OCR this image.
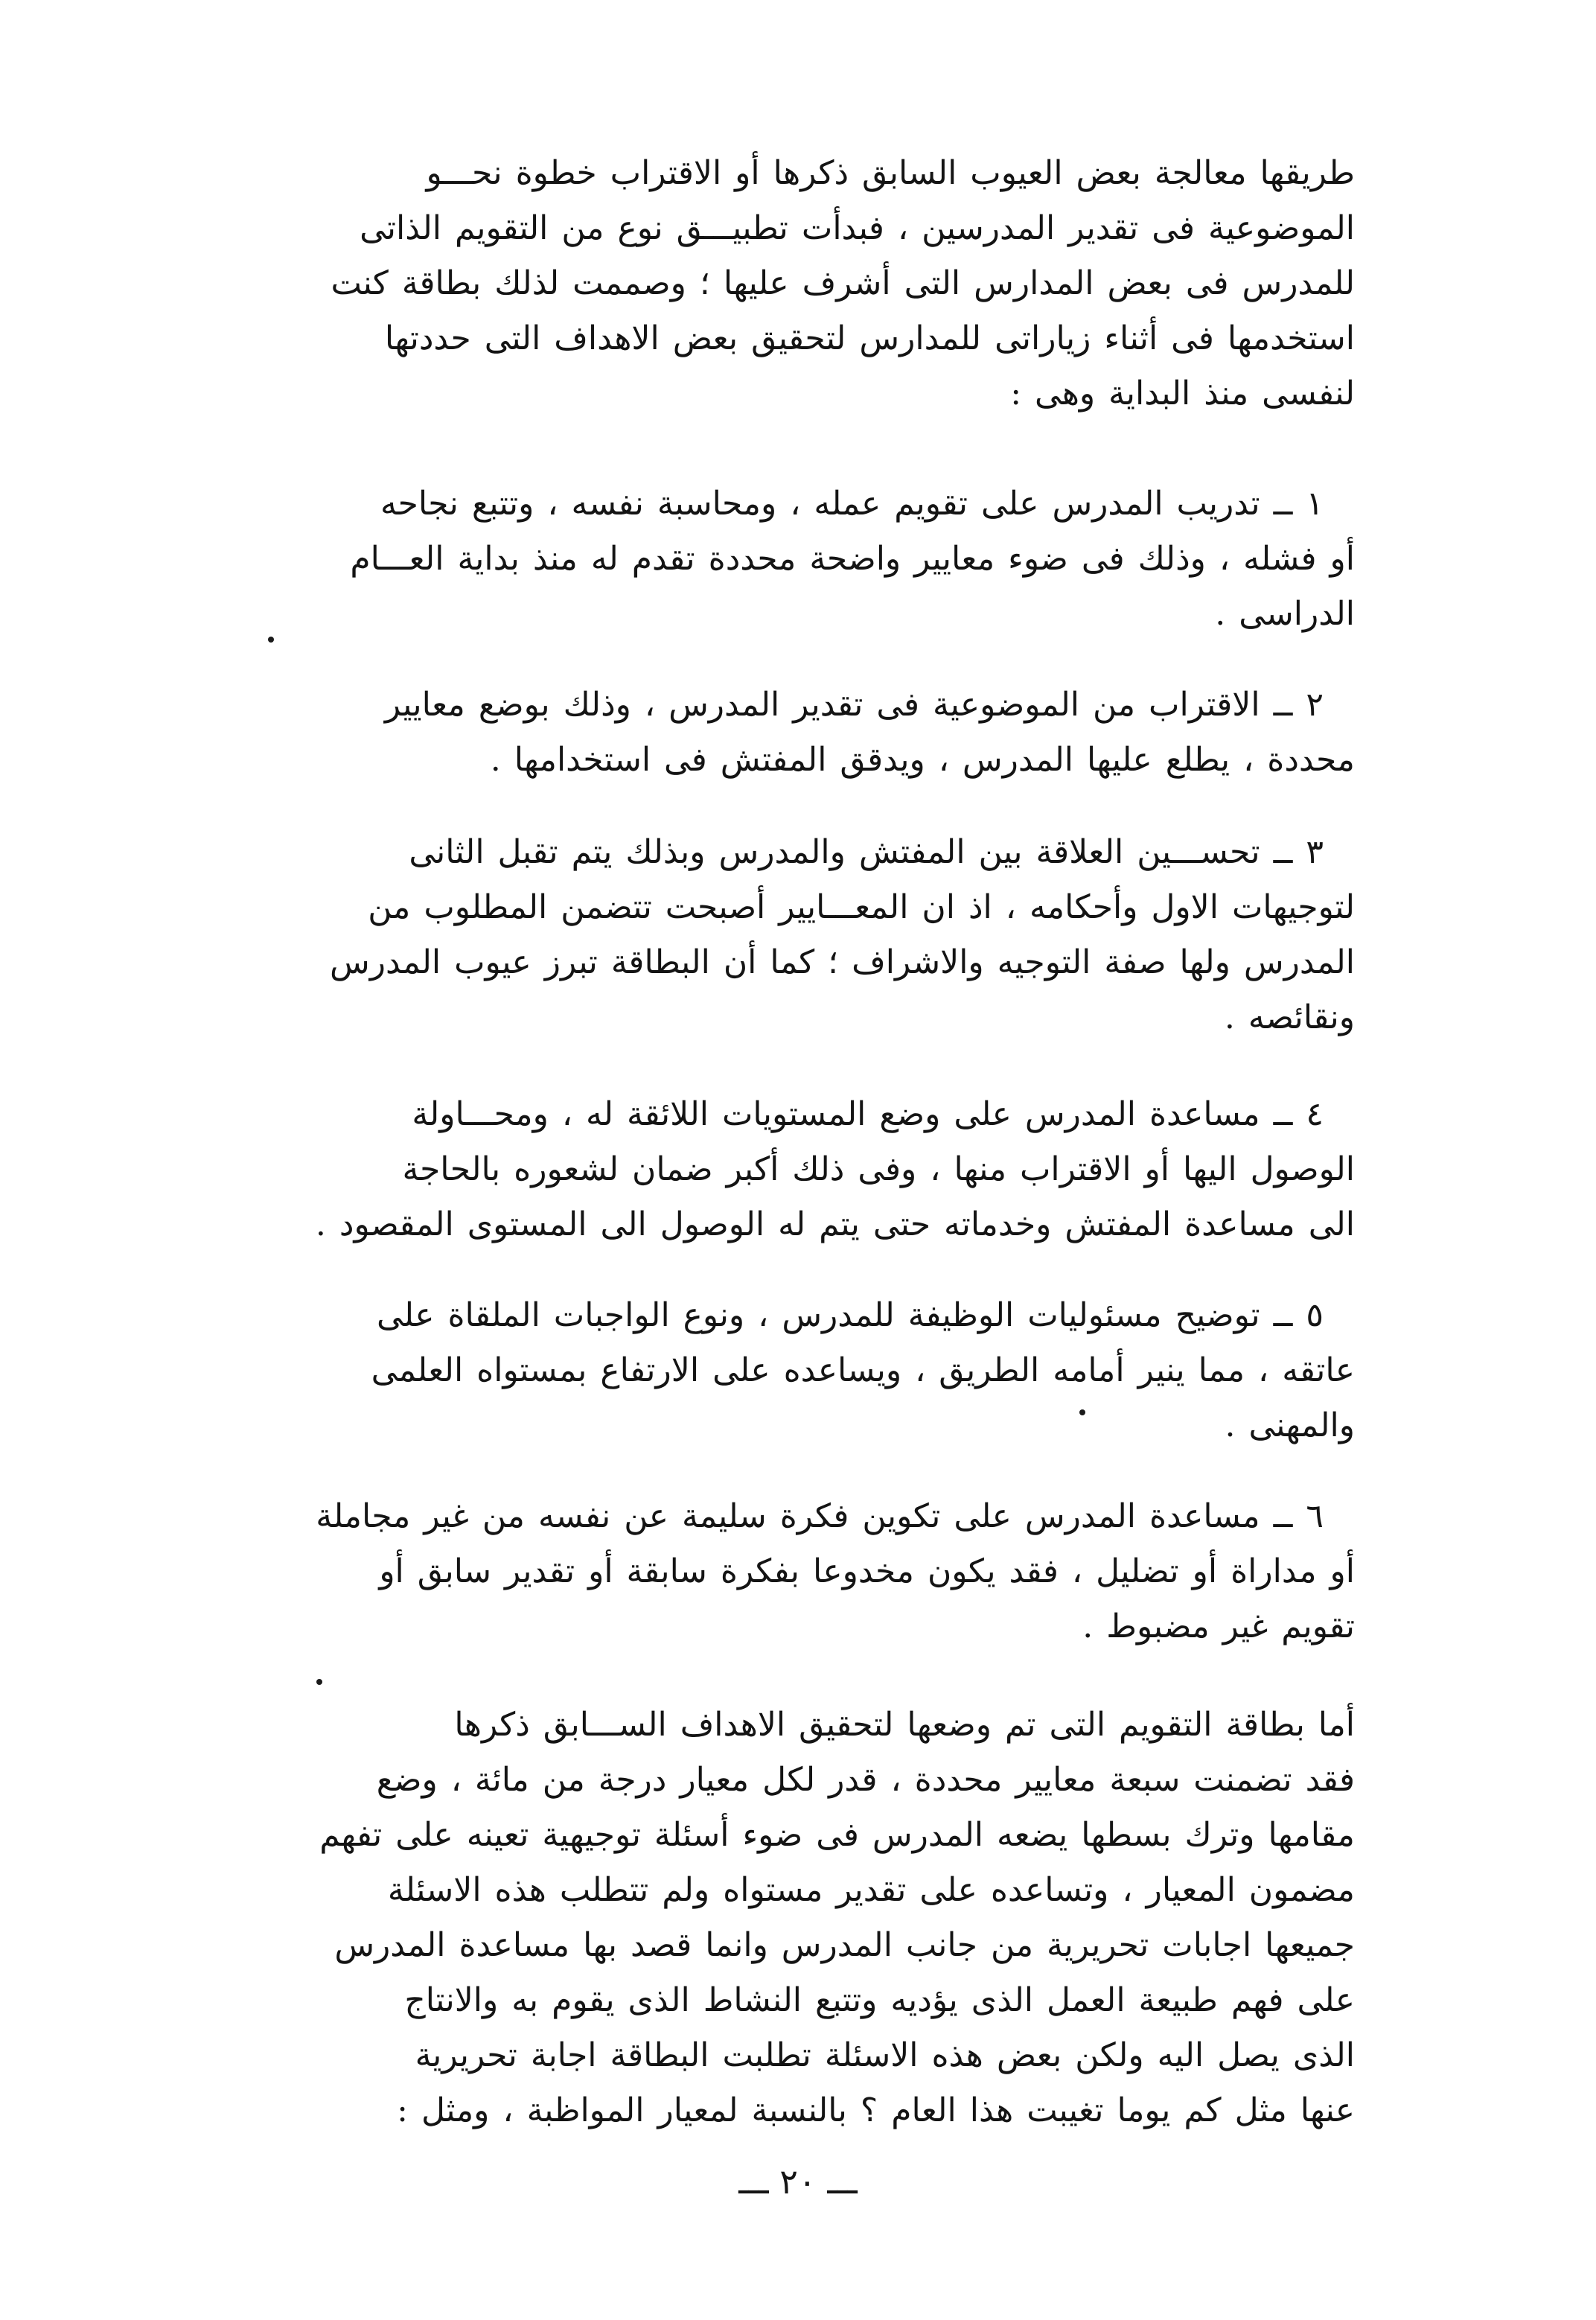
طريقها معالجة بعض العيوب السابق ذكرها أو الاقتراب خطوة نحـــو
الموضوعية فى تقدير المدرسين ، فبدأت تطبيـــق نوع من التقويم الذاتى
للمدرس فى بعض المدارس التى أشرف عليها ؛ وصممت لذلك بطاقة كنت
استخدمها فى أثناء زياراتى للمدارس لتحقيق بعض الاهداف التى حددتها
لنفسى منذ البداية وهى :
١ ــ تدريب المدرس على تقويم عمله ، ومحاسبة نفسه ، وتتبع نجاحه
أو فشله ، وذلك فى ضوء معايير واضحة محددة تقدم له منذ بداية العـــام
الدراسى .
٢ ــ الاقتراب من الموضوعية فى تقدير المدرس ، وذلك بوضع معايير
محددة ، يطلع عليها المدرس ، ويدقق المفتش فى استخدامها .
٣ ــ تحســـين العلاقة بين المفتش والمدرس وبذلك يتم تقبل الثانى
لتوجيهات الاول وأحكامه ، اذ ان المعـــايير أصبحت تتضمن المطلوب من
المدرس ولها صفة التوجيه والاشراف ؛ كما أن البطاقة تبرز عيوب المدرس
ونقائصه .
٤ ــ مساعدة المدرس على وضع المستويات اللائقة له ، ومحـــاولة
الوصول اليها أو الاقتراب منها ، وفى ذلك أكبر ضمان لشعوره بالحاجة
الى مساعدة المفتش وخدماته حتى يتم له الوصول الى المستوى المقصود .
٥ ــ توضيح مسئوليات الوظيفة للمدرس ، ونوع الواجبات الملقاة على
عاتقه ، مما ينير أمامه الطريق ، ويساعده على الارتفاع بمستواه العلمى
والمهنى .
٦ ــ مساعدة المدرس على تكوين فكرة سليمة عن نفسه من غير مجاملة
أو مداراة أو تضليل ، فقد يكون مخدوعا بفكرة سابقة أو تقدير سابق أو
تقويم غير مضبوط .
أما بطاقة التقويم التى تم وضعها لتحقيق الاهداف الســـابق ذكرها
فقد تضمنت سبعة معايير محددة ، قدر لكل معيار درجة من مائة ، وضع
مقامها وترك بسطها يضعه المدرس فى ضوء أسئلة توجيهية تعينه على تفهم
مضمون المعيار ، وتساعده على تقدير مستواه ولم تتطلب هذه الاسئلة
جميعها اجابات تحريرية من جانب المدرس وانما قصد بها مساعدة المدرس
على فهم طبيعة العمل الذى يؤديه وتتبع النشاط الذى يقوم به والانتاج
الذى يصل اليه ولكن بعض هذه الاسئلة تطلبت البطاقة اجابة تحريرية
عنها مثل كم يوما تغيبت هذا العام ؟ بالنسبة لمعيار المواظبة ، ومثل :
ـــ ٢٠ ـــ
